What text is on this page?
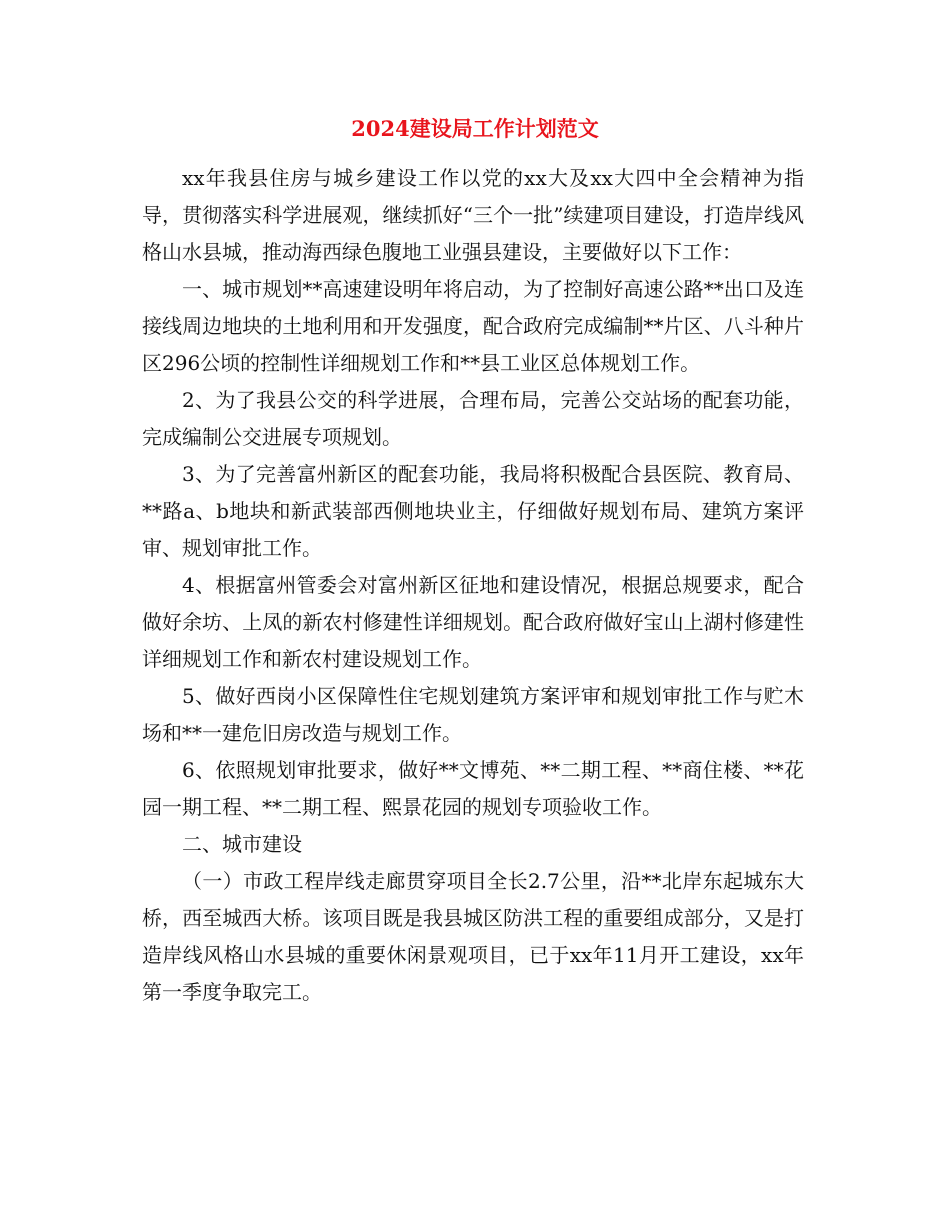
2024建设局工作计划范文

xx年我县住房与城乡建设工作以党的xx大及xx大四中全会精神为指导，贯彻落实科学进展观，继续抓好“三个一批”续建项目建设，打造岸线风格山水县城，推动海西绿色腹地工业强县建设，主要做好以下工作：

一、城市规划**高速建设明年将启动，为了控制好高速公路**出口及连接线周边地块的土地利用和开发强度，配合政府完成编制**片区、八斗种片区296公顷的控制性详细规划工作和**县工业区总体规划工作。

2、为了我县公交的科学进展，合理布局，完善公交站场的配套功能，完成编制公交进展专项规划。

3、为了完善富州新区的配套功能，我局将积极配合县医院、教育局、**路a、b地块和新武装部西侧地块业主，仔细做好规划布局、建筑方案评审、规划审批工作。

4、根据富州管委会对富州新区征地和建设情况，根据总规要求，配合做好余坊、上凤的新农村修建性详细规划。配合政府做好宝山上湖村修建性详细规划工作和新农村建设规划工作。

5、做好西岗小区保障性住宅规划建筑方案评审和规划审批工作与贮木场和**一建危旧房改造与规划工作。

6、依照规划审批要求，做好**文博苑、**二期工程、**商住楼、**花园一期工程、**二期工程、熙景花园的规划专项验收工作。

二、城市建设

（一）市政工程岸线走廊贯穿项目全长2.7公里，沿**北岸东起城东大桥，西至城西大桥。该项目既是我县城区防洪工程的重要组成部分，又是打造岸线风格山水县城的重要休闲景观项目，已于xx年11月开工建设，xx年第一季度争取完工。
